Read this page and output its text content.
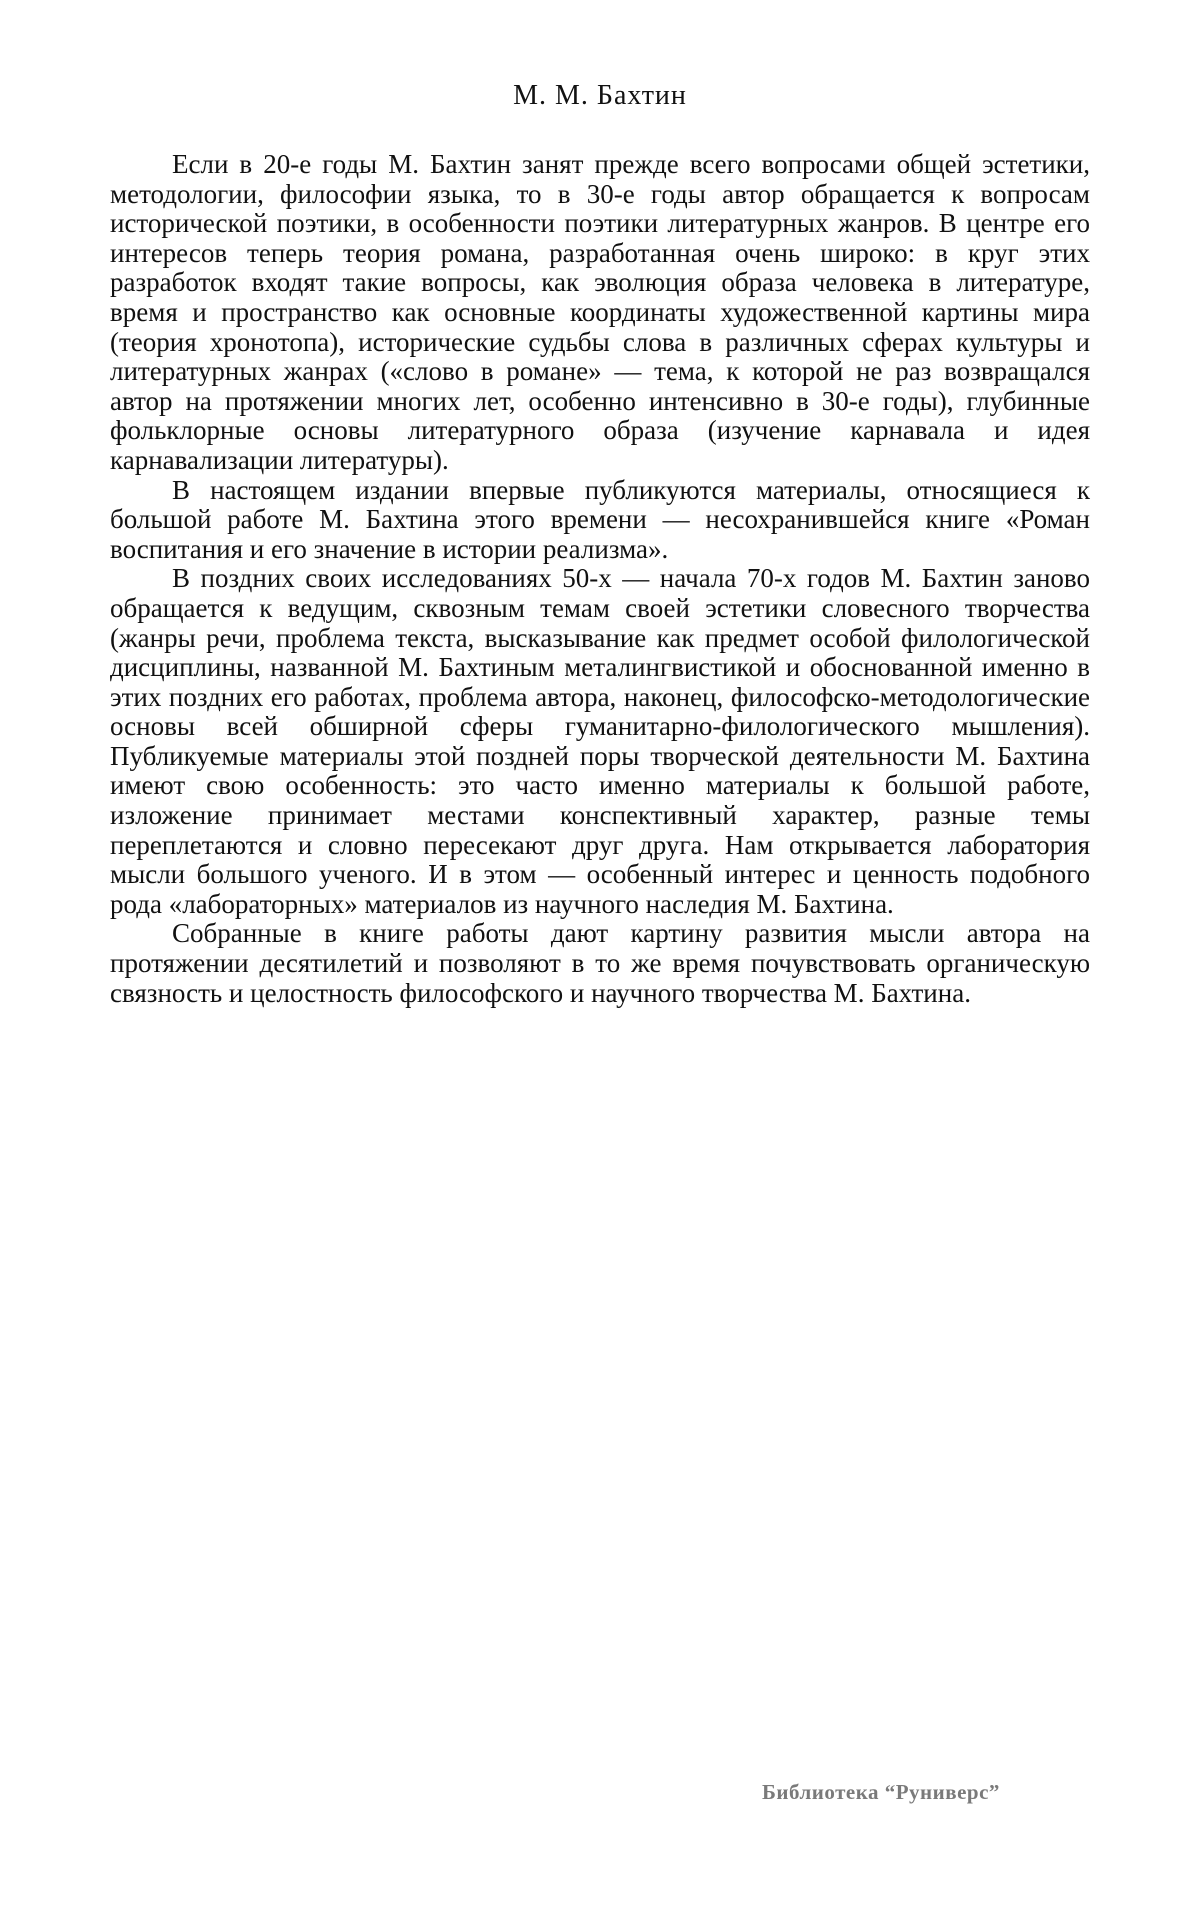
М. М. Бахтин

Если в 20-е годы М. Бахтин занят прежде всего вопросами общей эстетики, методологии, философии языка, то в 30-е годы автор обращается к вопросам исторической поэтики, в особенности поэтики литературных жанров. В центре его интересов теперь теория романа, разработанная очень широко: в круг этих разработок входят такие вопросы, как эволюция образа человека в литературе, время и пространство как основные координаты художественной картины мира (теория хронотопа), исторические судьбы слова в различных сферах культуры и литературных жанрах («слово в романе» — тема, к которой не раз возвращался автор на протяжении многих лет, особенно интенсивно в 30-е годы), глубинные фольклорные основы литературного образа (изучение карнавала и идея карнавализации литературы).

В настоящем издании впервые публикуются материалы, относящиеся к большой работе М. Бахтина этого времени — несохранившейся книге «Роман воспитания и его значение в истории реализма».

В поздних своих исследованиях 50-х — начала 70-х годов М. Бахтин заново обращается к ведущим, сквозным темам своей эстетики словесного творчества (жанры речи, проблема текста, высказывание как предмет особой филологической дисциплины, названной М. Бахтиным металингвистикой и обоснованной именно в этих поздних его работах, проблема автора, наконец, философско-методологические основы всей обширной сферы гуманитарно-филологического мышления). Публикуемые материалы этой поздней поры творческой деятельности М. Бахтина имеют свою особенность: это часто именно материалы к большой работе, изложение принимает местами конспективный характер, разные темы переплетаются и словно пересекают друг друга. Нам открывается лаборатория мысли большого ученого. И в этом — особенный интерес и ценность подобного рода «лабораторных» материалов из научного наследия М. Бахтина.

Собранные в книге работы дают картину развития мысли автора на протяжении десятилетий и позволяют в то же время почувствовать органическую связность и целостность философского и научного творчества М. Бахтина.

Библиотека “Руниверс”
